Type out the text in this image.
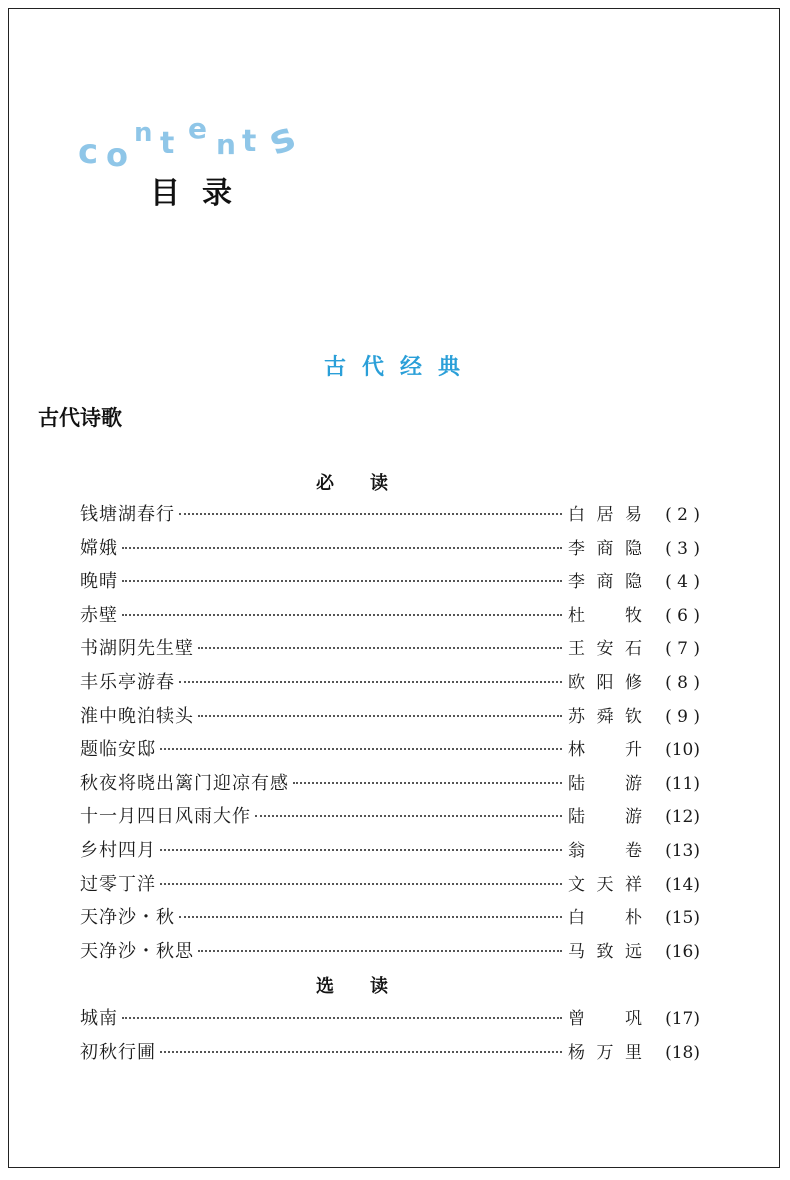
c o
n t e n t s
目录
古代经典
古代诗歌
必读
钱塘湖春行	白居易	( 2 )
嫦娥	李商隐	( 3 )
晚晴	李商隐	( 4 )
赤壁	杜牧	( 6 )
书湖阴先生壁	王安石	( 7 )
丰乐亭游春	欧阳修	( 8 )
淮中晚泊犊头	苏舜钦	( 9 )
题临安邸	林升	(10)
秋夜将晓出篱门迎凉有感	陆游	(11)
十一月四日风雨大作	陆游	(12)
乡村四月	翁卷	(13)
过零丁洋	文天祥	(14)
天净沙・秋	白朴	(15)
天净沙・秋思	马致远	(16)
选读
城南	曾巩	(17)
初秋行圃	杨万里	(18)
